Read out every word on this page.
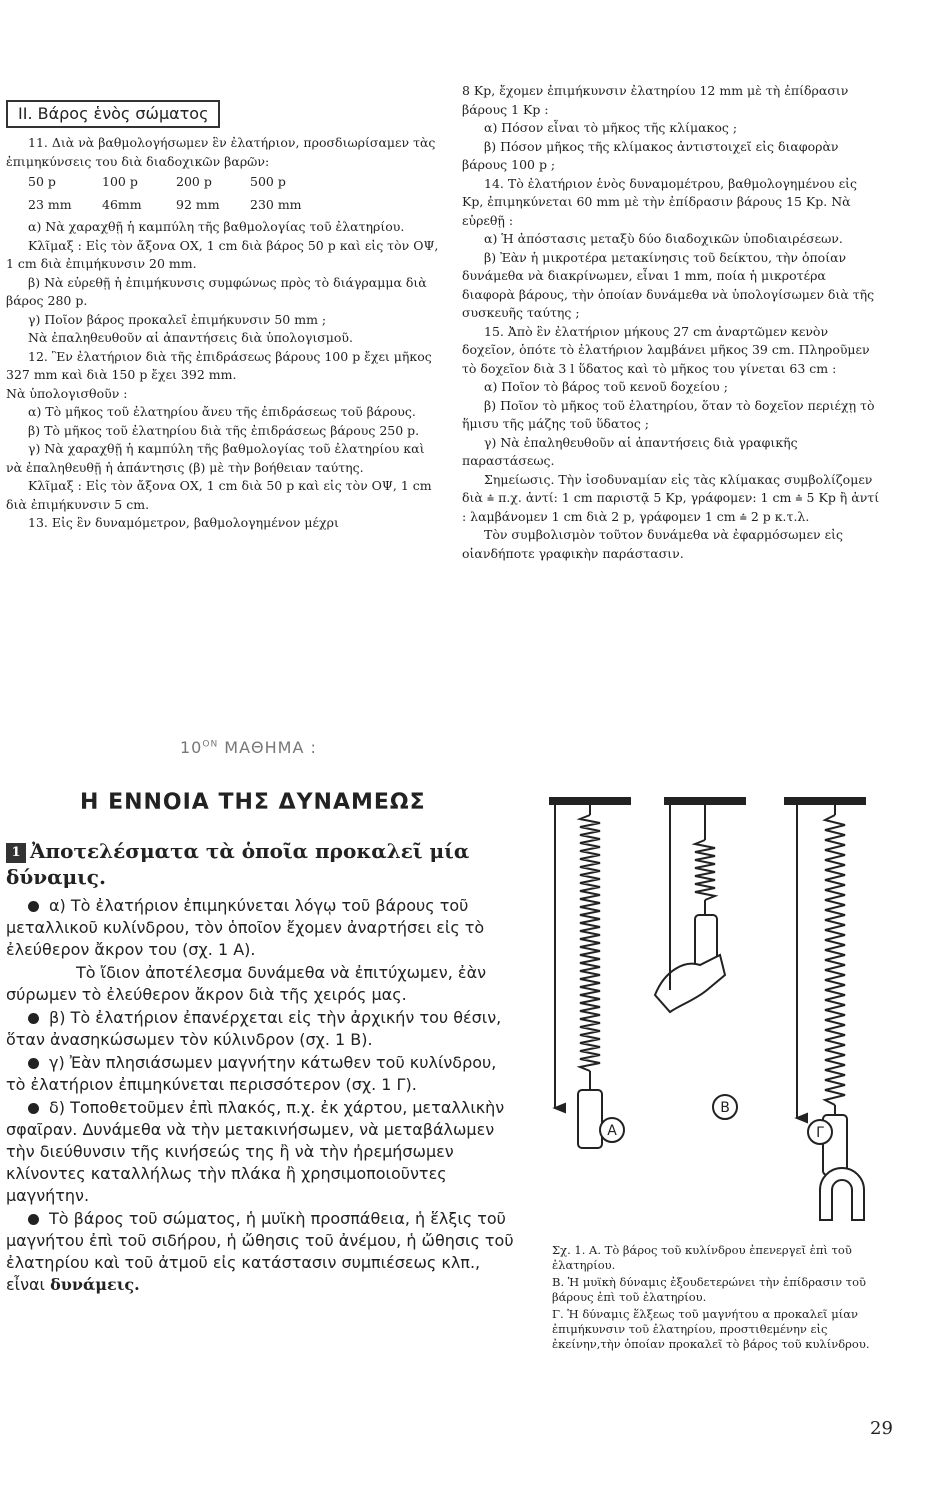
II. Βάρος ἑνὸς σώματος

11. Διὰ νὰ βαθμολογήσωμεν ἓν ἐλατήριον, προσδιωρίσαμεν τὰς ἐπιμηκύνσεις του διὰ διαδοχικῶν βαρῶν:

50 p	100 p	200 p	500 p
23 mm 46mm	92 mm 230 mm

α) Νὰ χαραχθῇ ἡ καμπύλη τῆς βαθμολογίας τοῦ ἐλατηρίου.

Κλῖμαξ : Εἰς τὸν ἄξονα ΟΧ, 1 cm διὰ βάρος 50 p καὶ εἰς τὸν ΟΨ, 1 cm διὰ ἐπιμήκυνσιν 20 mm.

β) Νὰ εὑρεθῇ ἡ ἐπιμήκυνσις συμφώνως πρὸς τὸ διάγραμμα διὰ βάρος 280 p.

γ) Ποῖον βάρος προκαλεῖ ἐπιμήκυνσιν 50 mm ;

Νὰ ἐπαληθευθοῦν αἱ ἀπαντήσεις διὰ ὑπολογισμοῦ.

12. Ἓν ἐλατήριον διὰ τῆς ἐπιδράσεως βάρους 100 p ἔχει μῆκος 327 mm καὶ διὰ 150 p ἔχει 392 mm.

Νὰ ὑπολογισθοῦν :

α) Τὸ μῆκος τοῦ ἐλατηρίου ἄνευ τῆς ἐπιδράσεως τοῦ βάρους.

β) Τὸ μῆκος τοῦ ἐλατηρίου διὰ τῆς ἐπιδράσεως βάρους 250 p.

γ) Νὰ χαραχθῇ ἡ καμπύλη τῆς βαθμολογίας τοῦ ἐλατηρίου καὶ νὰ ἐπαληθευθῇ ἡ ἀπάντησις (β) μὲ τὴν βοήθειαν ταύτης.

Κλῖμαξ : Εἰς τὸν ἄξονα ΟΧ, 1 cm διὰ 50 p καὶ εἰς τὸν ΟΨ, 1 cm διὰ ἐπιμήκυνσιν 5 cm.

13. Εἰς ἓν δυναμόμετρον, βαθμολογημένον μέχρι

8 Kp, ἔχομεν ἐπιμήκυνσιν ἐλατηρίου 12 mm μὲ τὴ ἐπίδρασιν βάρους 1 Kp :

α) Πόσον εἶναι τὸ μῆκος τῆς κλίμακος ;

β) Πόσον μῆκος τῆς κλίμακος ἀντιστοιχεῖ εἰς διαφορὰν βάρους 100 p ;

14. Τὸ ἐλατήριον ἑνὸς δυναμομέτρου, βαθμολογημένου εἰς Kp, ἐπιμηκύνεται 60 mm μὲ τὴν ἐπίδρασιν βάρους 15 Kp. Νὰ εὑρεθῇ :

α) Ἡ ἀπόστασις μεταξὺ δύο διαδοχικῶν ὑποδιαιρέσεων.

β) Ἐὰν ἡ μικροτέρα μετακίνησις τοῦ δείκτου, τὴν ὁποίαν δυνάμεθα νὰ διακρίνωμεν, εἶναι 1 mm, ποία ἡ μικροτέρα διαφορὰ βάρους, τὴν ὁποίαν δυνάμεθα νὰ ὑπολογίσωμεν διὰ τῆς συσκευῆς ταύτης ;

15. Ἀπὸ ἓν ἐλατήριον μήκους 27 cm ἀναρτῶμεν κενὸν δοχεῖον, ὁπότε τὸ ἐλατήριον λαμβάνει μῆκος 39 cm. Πληροῦμεν τὸ δοχεῖον διὰ 3 l ὕδατος καὶ τὸ μῆκος του γίνεται 63 cm :

α) Ποῖον τὸ βάρος τοῦ κενοῦ δοχείου ;

β) Ποῖον τὸ μῆκος τοῦ ἐλατηρίου, ὅταν τὸ δοχεῖον περιέχῃ τὸ ἥμισυ τῆς μάζης τοῦ ὕδατος ;

γ) Νὰ ἐπαληθευθοῦν αἱ ἀπαντήσεις διὰ γραφικῆς παραστάσεως.

Σημείωσις. Τὴν ἰσοδυναμίαν εἰς τὰς κλίμακας συμβολίζομεν διὰ ⩮ π.χ. ἀντί: 1 cm παριστᾷ 5 Kp, γράφομεν: 1 cm ⩮ 5 Kp ἢ ἀντί : λαμβάνομεν 1 cm διὰ 2 p, γράφομεν 1 cm ⩮ 2 p κ.τ.λ.

Τὸν συμβολισμὸν τοῦτον δυνάμεθα νὰ ἐφαρμόσωμεν εἰς οἱανδήποτε γραφικὴν παράστασιν.

$10^{ON}$ ΜΑΘΗΜΑ :
Η ΕΝΝΟΙΑ ΤΗΣ ΔΥΝΑΜΕΩΣ
1 Ἀποτελέσματα τὰ ὁποῖα προκαλεῖ μία δύναμις.

α) Τὸ ἐλατήριον ἐπιμηκύνεται λόγῳ τοῦ βάρους τοῦ μεταλλικοῦ κυλίνδρου, τὸν ὁποῖον ἔχομεν ἀναρτήσει εἰς τὸ ἐλεύθερον ἄκρον του (σχ. 1 Α).

Τὸ ἴδιον ἀποτέλεσμα δυνάμεθα νὰ ἐπιτύχωμεν, ἐὰν σύρωμεν τὸ ἐλεύθερον ἄκρον διὰ τῆς χειρός μας.

β) Τὸ ἐλατήριον ἐπανέρχεται εἰς τὴν ἀρχικήν του θέσιν, ὅταν ἀνασηκώσωμεν τὸν κύλινδρον (σχ. 1 Β).

γ) Ἐὰν πλησιάσωμεν μαγνήτην κάτωθεν τοῦ κυλίνδρου, τὸ ἐλατήριον ἐπιμηκύνεται περισσότερον (σχ. 1 Γ).

δ) Τοποθετοῦμεν ἐπὶ πλακός, π.χ. ἐκ χάρτου, μεταλλικὴν σφαῖραν. Δυνάμεθα νὰ τὴν μετακινήσωμεν, νὰ μεταβάλωμεν τὴν διεύθυνσιν τῆς κινήσεώς της ἢ νὰ τὴν ἠρεμήσωμεν κλίνοντες καταλλήλως τὴν πλάκα ἢ χρησιμοποιοῦντες μαγνήτην.

Τὸ βάρος τοῦ σώματος, ἡ μυϊκὴ προσπάθεια, ἡ ἕλξις τοῦ μαγνήτου ἐπὶ τοῦ σιδήρου, ἡ ὤθησις τοῦ ἀνέμου, ἡ ὤθησις τοῦ ἐλατηρίου καὶ τοῦ ἀτμοῦ εἰς κατάστασιν συμπιέσεως κλπ., εἶναι δυνάμεις.

Α
Β
Γ

Σχ. 1. Α. Τὸ βάρος τοῦ κυλίνδρου ἐπενεργεῖ ἐπὶ τοῦ ἐλατηρίου.

Β. Ἡ μυϊκὴ δύναμις ἐξουδετερώνει τὴν ἐπίδρασιν τοῦ βάρους ἐπὶ τοῦ ἐλατηρίου.

Γ. Ἡ δύναμις ἕλξεως τοῦ μαγνήτου α προκαλεῖ μίαν ἐπιμήκυνσιν τοῦ ἐλατηρίου, προστιθεμένην εἰς ἐκείνην,τὴν ὁποίαν προκαλεῖ τὸ βάρος τοῦ κυλίνδρου.

29
